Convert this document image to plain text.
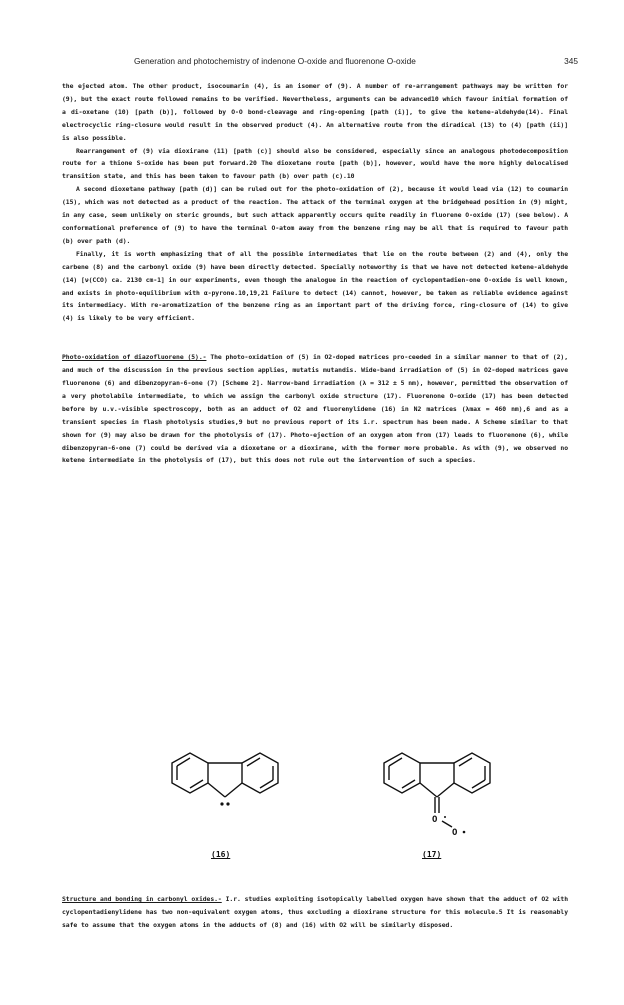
Generation and photochemistry of indenone O-oxide and fluorenone O-oxide	345

the ejected atom. The other product, isocoumarin (4), is an isomer of (9). A number of re-arrangement pathways may be written for (9), but the exact route followed remains to be verified. Nevertheless, arguments can be advanced10 which favour initial formation of a di-oxetane (10) [path (b)], followed by O-O bond-cleavage and ring-opening [path (i)], to give the ketene-aldehyde(14). Final electrocyclic ring-closure would result in the observed product (4). An alternative route from the diradical (13) to (4) [path (ii)] is also possible.

Rearrangement of (9) via dioxirane (11) [path (c)] should also be considered, especially since an analogous photodecomposition route for a thione S-oxide has been put forward.20 The dioxetane route [path (b)], however, would have the more highly delocalised transition state, and this has been taken to favour path (b) over path (c).10

A second dioxetane pathway [path (d)] can be ruled out for the photo-oxidation of (2), because it would lead via (12) to coumarin (15), which was not detected as a product of the reaction. The attack of the terminal oxygen at the bridgehead position in (9) might, in any case, seem unlikely on steric grounds, but such attack apparently occurs quite readily in fluorene O-oxide (17) (see below). A conformational preference of (9) to have the terminal O-atom away from the benzene ring may be all that is required to favour path (b) over path (d).

Finally, it is worth emphasizing that of all the possible intermediates that lie on the route between (2) and (4), only the carbene (8) and the carbonyl oxide (9) have been directly detected. Specially noteworthy is that we have not detected ketene-aldehyde (14) [ν(CCO) ca. 2130 cm-1] in our experiments, even though the analogue in the reaction of cyclopentadien-one O-oxide is well known, and exists in photo-equilibrium with α-pyrone.10,19,21 Failure to detect (14) cannot, however, be taken as reliable evidence against its intermediacy. With re-aromatization of the benzene ring as an important part of the driving force, ring-closure of (14) to give (4) is likely to be very efficient.

Photo-oxidation of diazofluorene (5).- The photo-oxidation of (5) in O2-doped matrices pro-ceeded in a similar manner to that of (2), and much of the discussion in the previous section applies, mutatis mutandis. Wide-band irradiation of (5) in O2-doped matrices gave fluorenone (6) and dibenzopyran-6-one (7) [Scheme 2]. Narrow-band irradiation (λ = 312 ± 5 nm), however, permitted the observation of a very photolabile intermediate, to which we assign the carbonyl oxide structure (17). Fluorenone O-oxide (17) has been detected before by u.v.-visible spectroscopy, both as an adduct of O2 and fluorenylidene (16) in N2 matrices (λmax = 460 nm),6 and as a transient species in flash photolysis studies,9 but no previous report of its i.r. spectrum has been made. A Scheme similar to that shown for (9) may also be drawn for the photolysis of (17). Photo-ejection of an oxygen atom from (17) leads to fluorenone (6), while dibenzopyran-6-one (7) could be derived via a dioxetane or a dioxirane, with the former more probable. As with (9), we observed no ketene intermediate in the photolysis of (17), but this does not rule out the intervention of such a species.

O
O
(16)	(17)

Structure and bonding in carbonyl oxides.- I.r. studies exploiting isotopically labelled oxygen have shown that the adduct of O2 with cyclopentadienylidene has two non-equivalent oxygen atoms, thus excluding a dioxirane structure for this molecule.5 It is reasonably safe to assume that the oxygen atoms in the adducts of (8) and (16) with O2 will be similarly disposed.
